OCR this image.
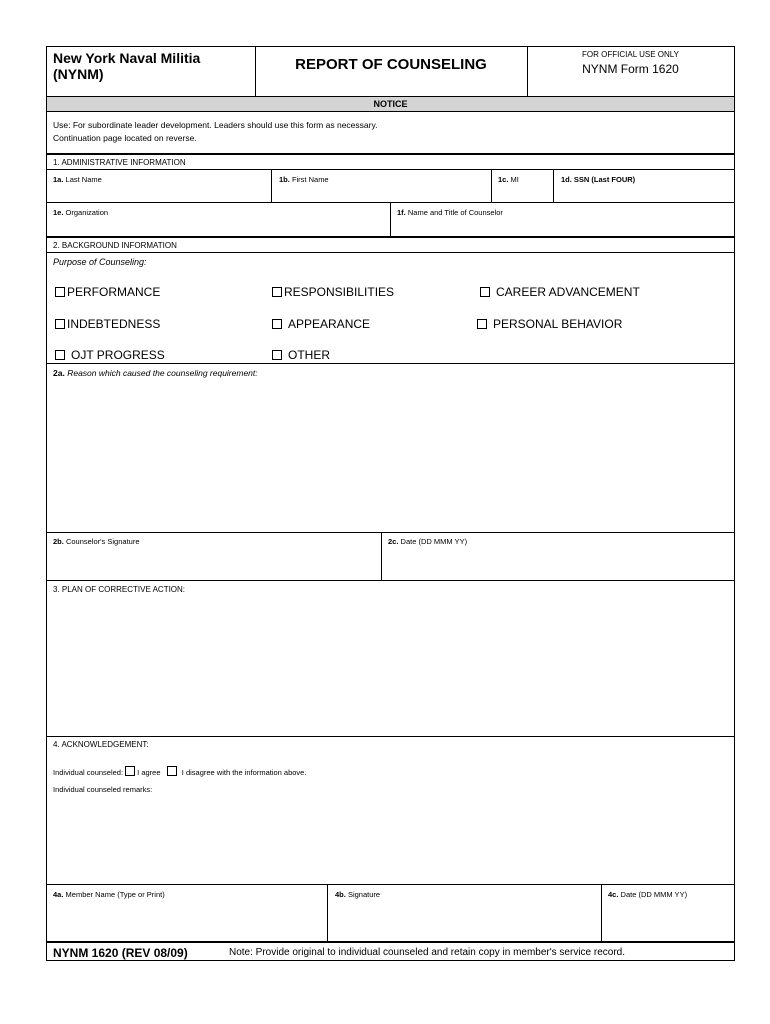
New York Naval Militia
(NYNM)
REPORT OF COUNSELING
FOR OFFICIAL USE ONLY
NYNM Form 1620
NOTICE
Use: For subordinate leader development. Leaders should use this form as necessary.
Continuation page located on reverse.
1. ADMINISTRATIVE INFORMATION
1a. Last Name	1b. First Name	1c. MI	1d. SSN (Last FOUR)
1e. Organization	1f. Name and Title of Counselor
2. BACKGROUND INFORMATION
Purpose of Counseling:
PERFORMANCE	RESPONSIBILITIES	CAREER ADVANCEMENT
INDEBTEDNESS	APPEARANCE	PERSONAL BEHAVIOR
OJT PROGRESS	OTHER
2a. Reason which caused the counseling requirement:
2b. Counselor's Signature	2c. Date (DD MMM YY)
3. PLAN OF CORRECTIVE ACTION:
4. ACKNOWLEDGEMENT:
Individual counseled: I agree	I disagree with the information above.
Individual counseled remarks:
4a. Member Name (Type or Print)	4b. Signature	4c. Date (DD MMM YY)
NYNM 1620 (REV 08/09)	Note: Provide original to individual counseled and retain copy in member's service record.
